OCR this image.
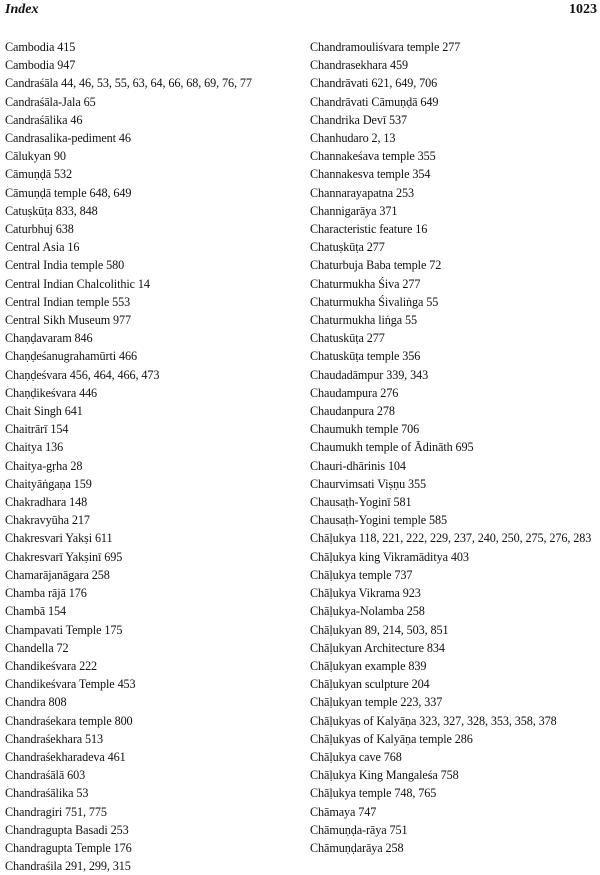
Index	1023
Cambodia 415
Cambodia 947
Candraśāla 44, 46, 53, 55, 63, 64, 66, 68, 69, 76, 77
Candraśāla-Jala 65
Candraśālika 46
Candrasalika-pediment 46
Cālukyan 90
Cāmuṇḍā 532
Cāmuṇḍā temple 648, 649
Catuṣkūṭa 833, 848
Caturbhuj 638
Central Asia 16
Central India temple 580
Central Indian Chalcolithic 14
Central Indian temple 553
Central Sikh Museum 977
Chaṇḍavaram 846
Chaṇḍeśanugrahamūrti 466
Chaṇḍeśvara 456, 464, 466, 473
Chaṇḍikeśvara 446
Chait Singh 641
Chaitrārī 154
Chaitya 136
Chaitya-gṛha 28
Chaityāṅgaṇa 159
Chakradhara 148
Chakravyūha 217
Chakresvari Yakṣi 611
Chakresvarī Yakṣinī 695
Chamarājanāgara 258
Chamba rājā 176
Chambā 154
Champavati Temple 175
Chandella 72
Chandikeśvara 222
Chandikeśvara Temple 453
Chandra 808
Chandraśekara temple 800
Chandraśekhara 513
Chandraśekharadeva 461
Chandraśālā 603
Chandraśālika 53
Chandragiri 751, 775
Chandragupta Basadi 253
Chandragupta Temple 176
Chandraśila 291, 299, 315
Chandramouliśvara temple 277
Chandrasekhara 459
Chandrāvati 621, 649, 706
Chandrāvati Cāmuṇḍā 649
Chandrika Devī 537
Chanhudaro 2, 13
Channakeśava temple 355
Channakesva temple 354
Channarayapatna 253
Channigarāya 371
Characteristic feature 16
Chatuṣkūṭa 277
Chaturbuja Baba temple 72
Chaturmukha Śiva 277
Chaturmukha Śivaliṅga 55
Chaturmukha liṅga 55
Chatuskūṭa 277
Chatuskūṭa temple 356
Chaudadāmpur 339, 343
Chaudampura 276
Chaudanpura 278
Chaumukh temple 706
Chaumukh temple of Ādināth 695
Chauri-dhārinis 104
Chaurvimsati Viṣṇu 355
Chausaṭh-Yoginī 581
Chausaṭh-Yogini temple 585
Chāḷukya 118, 221, 222, 229, 237, 240, 250, 275, 276, 283
Chāḷukya king Vikramāditya 403
Chāḷukya temple 737
Chāḷukya Vikrama 923
Chāḷukya-Nolamba 258
Chāḷukyan 89, 214, 503, 851
Chāḷukyan Architecture 834
Chāḷukyan example 839
Chāḷukyan sculpture 204
Chāḷukyan temple 223, 337
Chāḷukyas of Kalyāṇa 323, 327, 328, 353, 358, 378
Chāḷukyas of Kalyāṇa temple 286
Chāḷukya cave 768
Chāḷukya King Mangaleśa 758
Chāḷukya temple 748, 765
Chāmaya 747
Chāmuṇḍa-rāya 751
Chāmuṇḍarāya 258
